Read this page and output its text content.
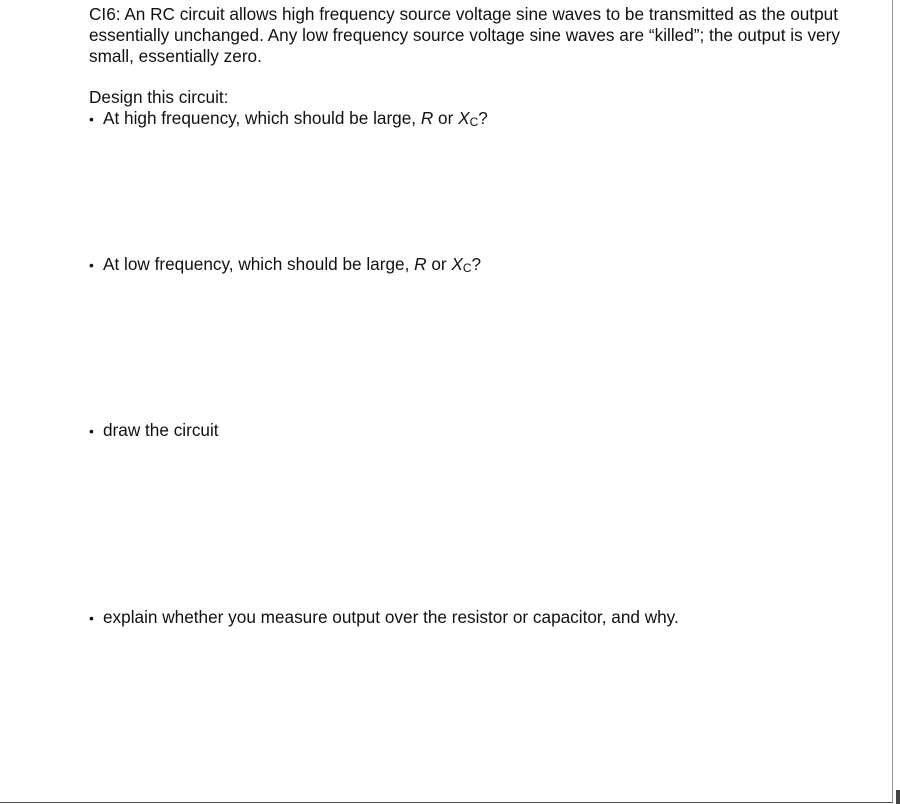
CI6: An RC circuit allows high frequency source voltage sine waves to be transmitted as the output essentially unchanged. Any low frequency source voltage sine waves are “killed”; the output is very small, essentially zero.

Design this circuit:

• At high frequency, which should be large, R or XC?
• At low frequency, which should be large, R or XC?
• draw the circuit
• explain whether you measure output over the resistor or capacitor, and why.
